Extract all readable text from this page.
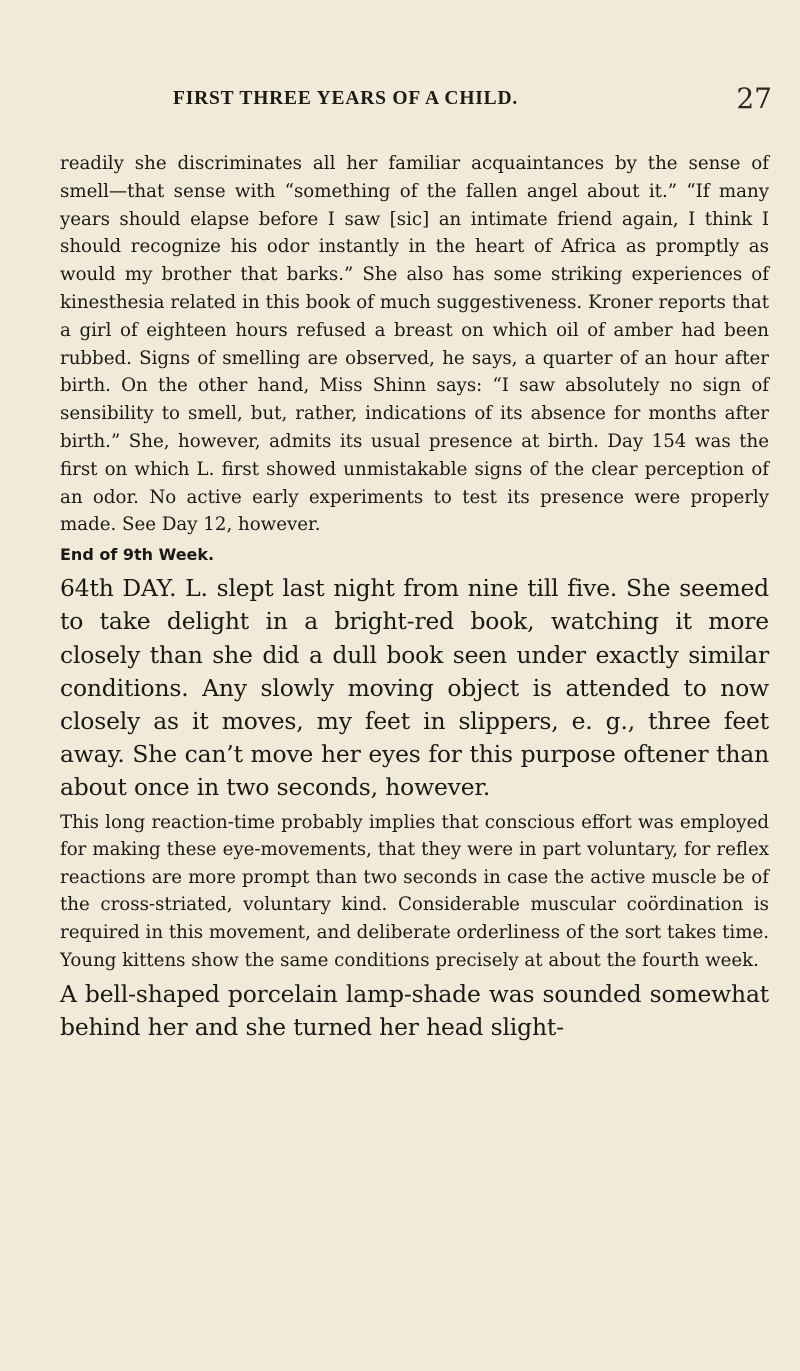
FIRST THREE YEARS OF A CHILD.	27

readily she discriminates all her familiar acquaintances by the sense of smell—that sense with “something of the fallen angel about it.” “If many years should elapse before I saw [sic] an intimate friend again, I think I should recognize his odor instantly in the heart of Africa as promptly as would my brother that barks.” She also has some striking experiences of kinesthesia related in this book of much suggestiveness. Kroner reports that a girl of eighteen hours refused a breast on which oil of amber had been rubbed. Signs of smelling are observed, he says, a quarter of an hour after birth. On the other hand, Miss Shinn says: “I saw absolutely no sign of sensibility to smell, but, rather, indications of its absence for months after birth.” She, however, admits its usual presence at birth. Day 154 was the first on which L. first showed unmistakable signs of the clear perception of an odor. No active early experiments to test its presence were properly made. See Day 12, however.

End of 9th Week.

64th DAY. L. slept last night from nine till five. She seemed to take delight in a bright-red book, watching it more closely than she did a dull book seen under exactly similar conditions. Any slowly moving object is attended to now closely as it moves, my feet in slippers, e. g., three feet away. She can’t move her eyes for this purpose oftener than about once in two seconds, however.

This long reaction-time probably implies that conscious effort was employed for making these eye-movements, that they were in part voluntary, for reflex reactions are more prompt than two seconds in case the active muscle be of the cross-striated, voluntary kind. Considerable muscular coördination is required in this movement, and deliberate orderliness of the sort takes time. Young kittens show the same conditions precisely at about the fourth week.

A bell-shaped porcelain lamp-shade was sounded somewhat behind her and she turned her head slight-
